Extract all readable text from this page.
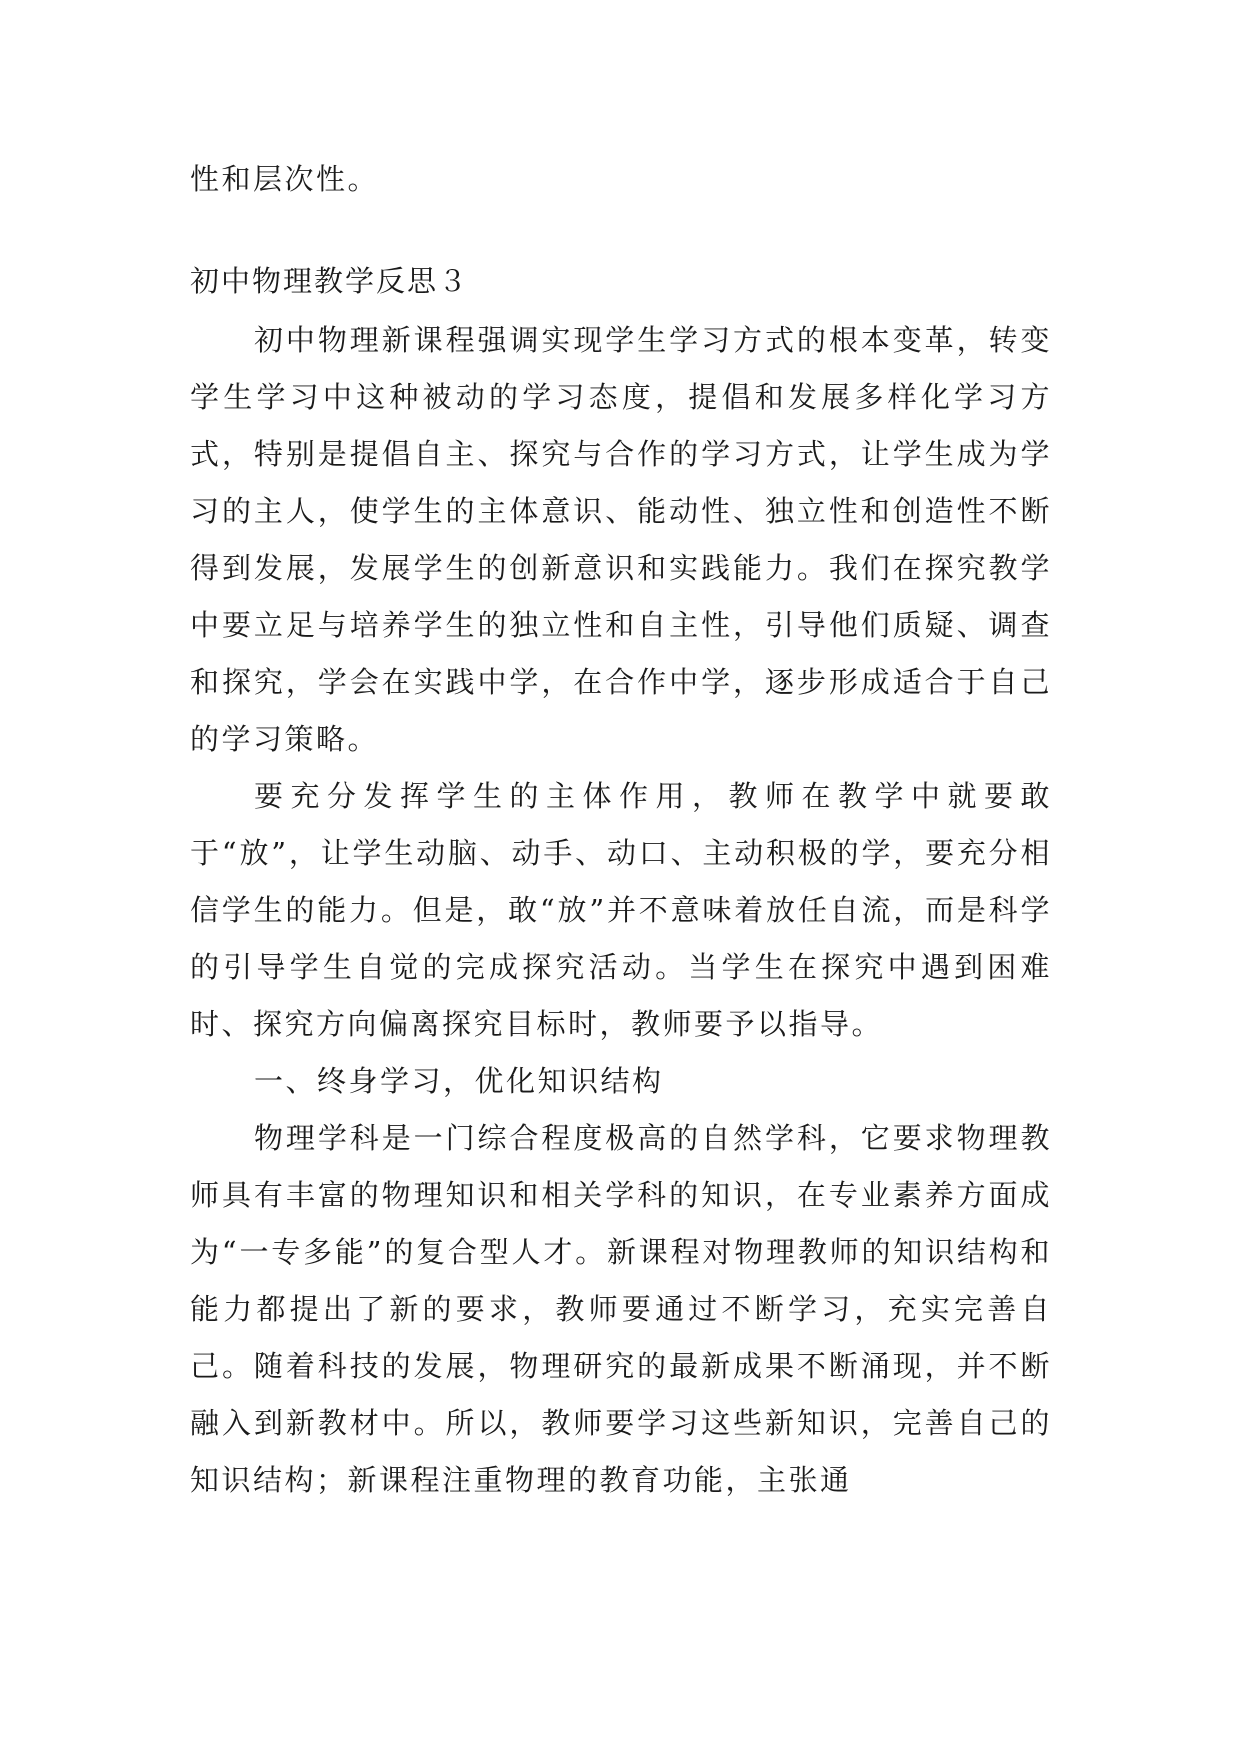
性和层次性。

初中物理教学反思３

初中物理新课程强调实现学生学习方式的根本变革，转变学生学习中这种被动的学习态度，提倡和发展多样化学习方式，特别是提倡自主、探究与合作的学习方式，让学生成为学习的主人，使学生的主体意识、能动性、独立性和创造性不断得到发展，发展学生的创新意识和实践能力。我们在探究教学中要立足与培养学生的独立性和自主性，引导他们质疑、调查和探究，学会在实践中学，在合作中学，逐步形成适合于自己的学习策略。

要充分发挥学生的主体作用，教师在教学中就要敢于“放”，让学生动脑、动手、动口、主动积极的学，要充分相信学生的能力。但是，敢“放”并不意味着放任自流，而是科学的引导学生自觉的完成探究活动。当学生在探究中遇到困难时、探究方向偏离探究目标时，教师要予以指导。

一、终身学习，优化知识结构

物理学科是一门综合程度极高的自然学科，它要求物理教师具有丰富的物理知识和相关学科的知识，在专业素养方面成为“一专多能”的复合型人才。新课程对物理教师的知识结构和能力都提出了新的要求，教师要通过不断学习，充实完善自己。随着科技的发展，物理研究的最新成果不断涌现，并不断融入到新教材中。所以，教师要学习这些新知识，完善自己的知识结构；新课程注重物理的教育功能，主张通
